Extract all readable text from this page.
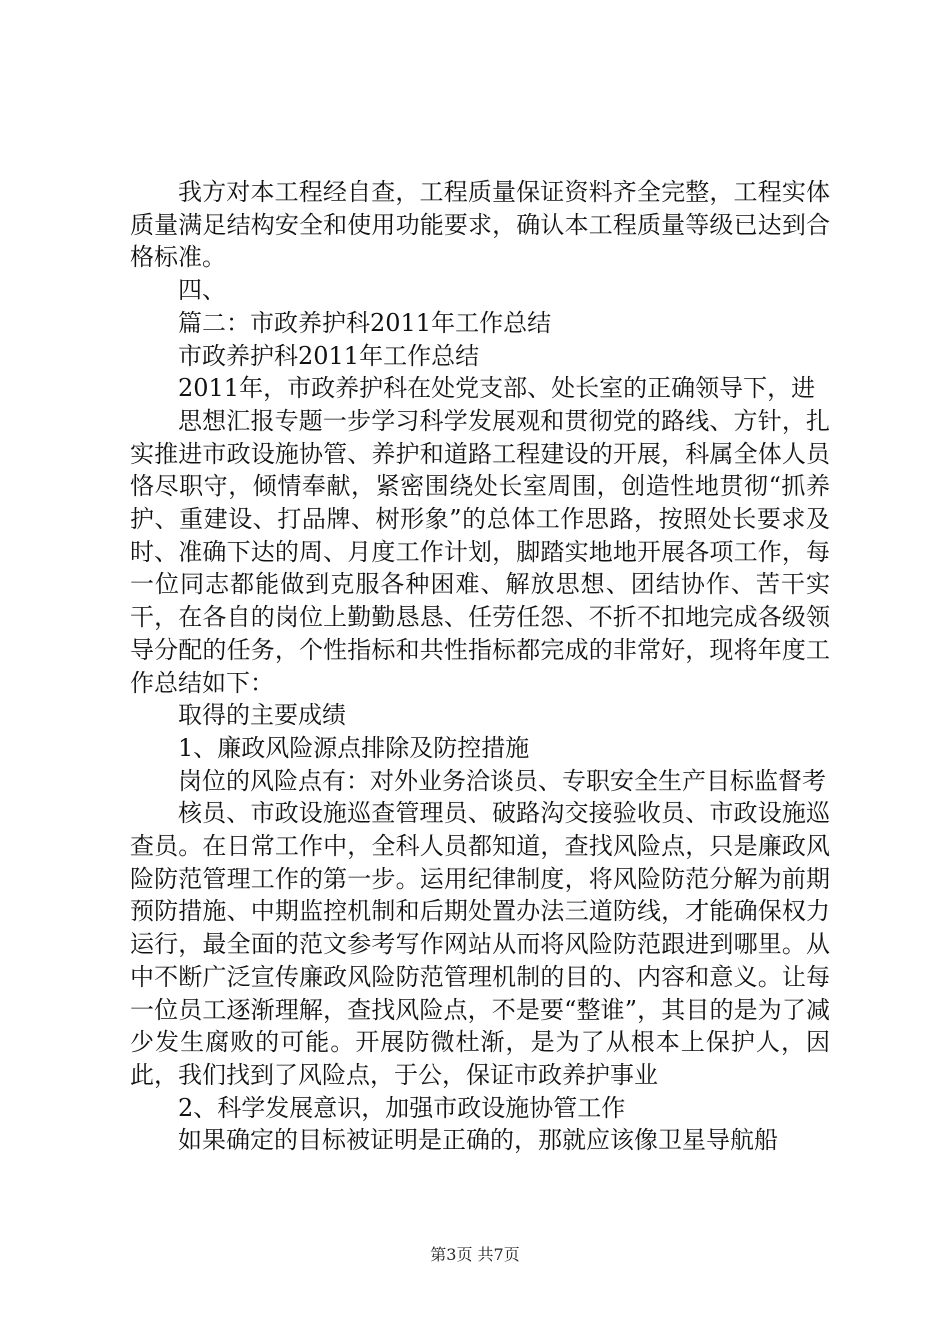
我方对本工程经自查，工程质量保证资料齐全完整，工程实体质量满足结构安全和使用功能要求，确认本工程质量等级已达到合格标准。

四、

篇二：市政养护科2011年工作总结

市政养护科2011年工作总结

2011年，市政养护科在处党支部、处长室的正确领导下，进

思想汇报专题一步学习科学发展观和贯彻党的路线、方针，扎实推进市政设施协管、养护和道路工程建设的开展，科属全体人员恪尽职守，倾情奉献，紧密围绕处长室周围，创造性地贯彻“抓养护、重建设、打品牌、树形象”的总体工作思路，按照处长要求及时、准确下达的周、月度工作计划，脚踏实地地开展各项工作，每一位同志都能做到克服各种困难、解放思想、团结协作、苦干实干，在各自的岗位上勤勤恳恳、任劳任怨、不折不扣地完成各级领导分配的任务，个性指标和共性指标都完成的非常好，现将年度工作总结如下：

取得的主要成绩

1、廉政风险源点排除及防控措施

岗位的风险点有：对外业务洽谈员、专职安全生产目标监督考

核员、市政设施巡查管理员、破路沟交接验收员、市政设施巡查员。在日常工作中，全科人员都知道，查找风险点，只是廉政风险防范管理工作的第一步。运用纪律制度，将风险防范分解为前期预防措施、中期监控机制和后期处置办法三道防线，才能确保权力运行，最全面的范文参考写作网站从而将风险防范跟进到哪里。从中不断广泛宣传廉政风险防范管理机制的目的、内容和意义。让每一位员工逐渐理解，查找风险点，不是要“整谁”，其目的是为了减少发生腐败的可能。开展防微杜渐，是为了从根本上保护人，因此，我们找到了风险点，于公，保证市政养护事业

2、科学发展意识，加强市政设施协管工作

如果确定的目标被证明是正确的，那就应该像卫星导航船

第3页 共7页
